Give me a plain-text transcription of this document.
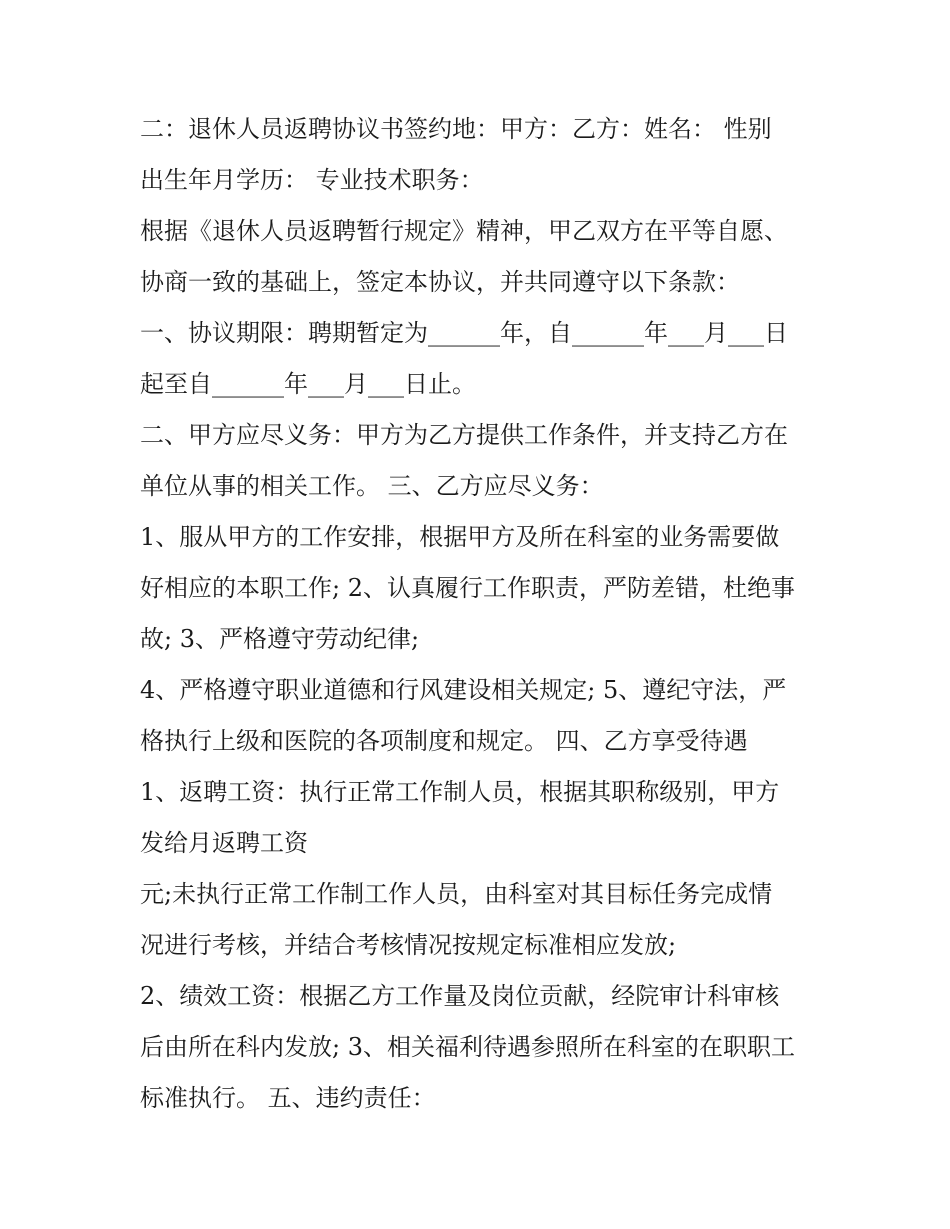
二：退休人员返聘协议书签约地：甲方：乙方：姓名： 性别
出生年月学历： 专业技术职务：
根据《退休人员返聘暂行规定》精神，甲乙双方在平等自愿、
协商一致的基础上，签定本协议，并共同遵守以下条款：
一、协议期限：聘期暂定为______年，自______年___月___日
起至自______年___月___日止。
二、甲方应尽义务：甲方为乙方提供工作条件，并支持乙方在
单位从事的相关工作。 三、乙方应尽义务：
1、服从甲方的工作安排，根据甲方及所在科室的业务需要做
好相应的本职工作; 2、认真履行工作职责，严防差错，杜绝事
故; 3、严格遵守劳动纪律;
4、严格遵守职业道德和行风建设相关规定; 5、遵纪守法，严
格执行上级和医院的各项制度和规定。 四、乙方享受待遇
1、返聘工资：执行正常工作制人员，根据其职称级别，甲方
发给月返聘工资
元;未执行正常工作制工作人员，由科室对其目标任务完成情
况进行考核，并结合考核情况按规定标准相应发放;
2、绩效工资：根据乙方工作量及岗位贡献，经院审计科审核
后由所在科内发放; 3、相关福利待遇参照所在科室的在职职工
标准执行。 五、违约责任：
